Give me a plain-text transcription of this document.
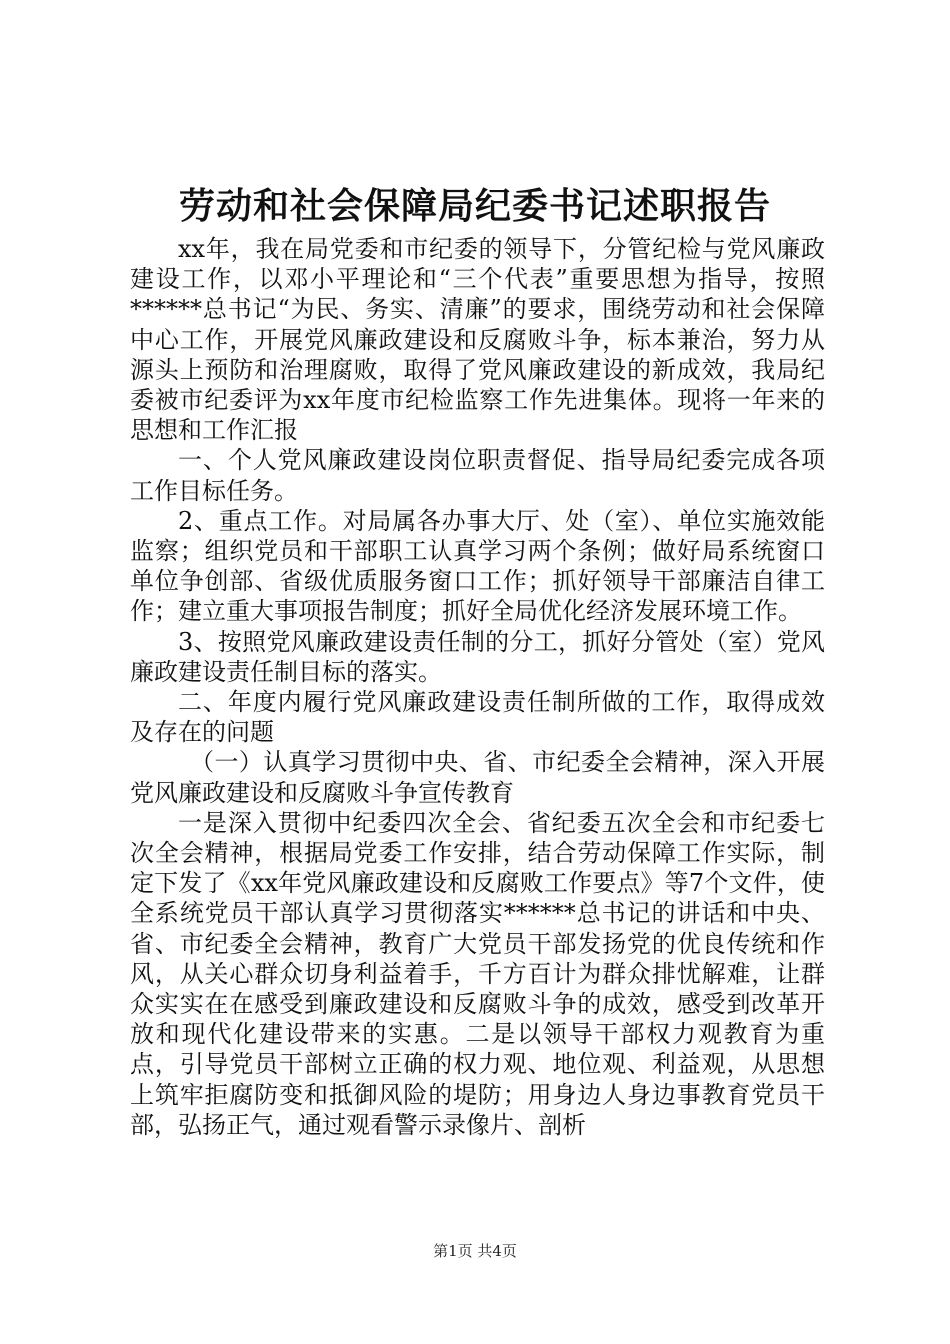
劳动和社会保障局纪委书记述职报告

xx年，我在局党委和市纪委的领导下，分管纪检与党风廉政建设工作，以邓小平理论和“三个代表”重要思想为指导，按照******总书记“为民、务实、清廉”的要求，围绕劳动和社会保障中心工作，开展党风廉政建设和反腐败斗争，标本兼治，努力从源头上预防和治理腐败，取得了党风廉政建设的新成效，我局纪委被市纪委评为xx年度市纪检监察工作先进集体。现将一年来的思想和工作汇报

一、个人党风廉政建设岗位职责督促、指导局纪委完成各项工作目标任务。

2、重点工作。对局属各办事大厅、处（室）、单位实施效能监察；组织党员和干部职工认真学习两个条例；做好局系统窗口单位争创部、省级优质服务窗口工作；抓好领导干部廉洁自律工作；建立重大事项报告制度；抓好全局优化经济发展环境工作。

3、按照党风廉政建设责任制的分工，抓好分管处（室）党风廉政建设责任制目标的落实。

二、年度内履行党风廉政建设责任制所做的工作，取得成效及存在的问题

（一）认真学习贯彻中央、省、市纪委全会精神，深入开展党风廉政建设和反腐败斗争宣传教育

一是深入贯彻中纪委四次全会、省纪委五次全会和市纪委七次全会精神，根据局党委工作安排，结合劳动保障工作实际，制定下发了《xx年党风廉政建设和反腐败工作要点》等7个文件，使全系统党员干部认真学习贯彻落实******总书记的讲话和中央、省、市纪委全会精神，教育广大党员干部发扬党的优良传统和作风，从关心群众切身利益着手，千方百计为群众排忧解难，让群众实实在在感受到廉政建设和反腐败斗争的成效，感受到改革开放和现代化建设带来的实惠。二是以领导干部权力观教育为重点，引导党员干部树立正确的权力观、地位观、利益观，从思想上筑牢拒腐防变和抵御风险的堤防；用身边人身边事教育党员干部，弘扬正气，通过观看警示录像片、剖析

第1页 共4页
